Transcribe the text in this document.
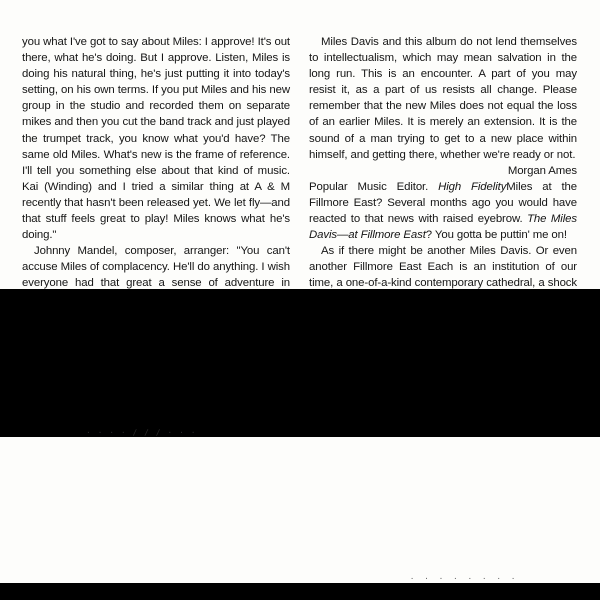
you what I've got to say about Miles: I approve! It's out there, what he's doing. But I approve. Listen, Miles is doing his natural thing, he's just putting it into today's setting, on his own terms. If you put Miles and his new group in the studio and recorded them on separate mikes and then you cut the band track and just played the trumpet track, you know what you'd have? The same old Miles. What's new is the frame of reference. I'll tell you something else about that kind of music. Kai (Winding) and I tried a similar thing at A & M recently that hasn't been released yet. We let fly—and that stuff feels great to play! Miles knows what he's doing."

Johnny Mandel, composer, arranger: "You can't accuse Miles of complacency. He'll do anything. I wish everyone had that great a sense of adventure in

Miles Davis and this album do not lend themselves to intellectualism, which may mean salvation in the long run. This is an encounter. A part of you may resist it, as a part of us resists all change. Please remember that the new Miles does not equal the loss of an earlier Miles. It is merely an extension. It is the sound of a man trying to get to a new place within himself, and getting there, whether we're ready or not.

Morgan Ames

Popular Music Editor. High FidelityMiles at the Fillmore East? Several months ago you would have reacted to that news with raised eyebrow. The Miles Davis—at Fillmore East? You gotta be puttin' me on!

As if there might be another Miles Davis. Or even another Fillmore East Each is an institution of our time, a one-of-a-kind contemporary cathedral, a shock

· · · · ∕ ∕ ∕ · · ·
· · · · · · · ·
